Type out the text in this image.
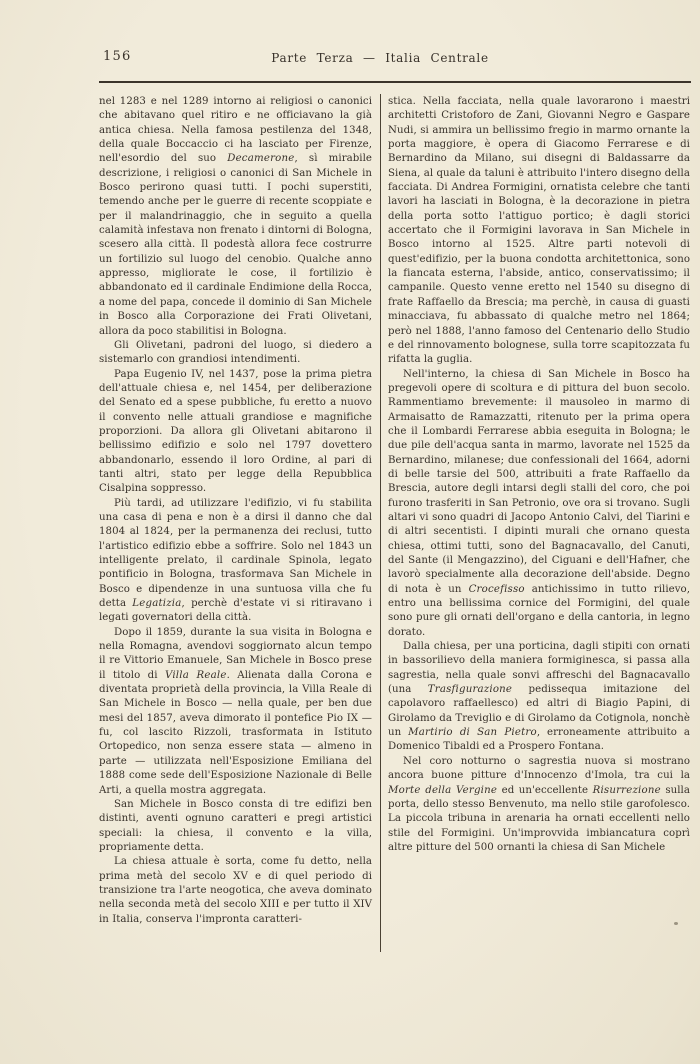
156	Parte Terza — Italia Centrale

nel 1283 e nel 1289 intorno ai religiosi o canonici che abitavano quel ritiro e ne officiavano la già antica chiesa. Nella famosa pestilenza del 1348, della quale Boccaccio ci ha lasciato per Firenze, nell'esordio del suo Decamerone, sì mirabile descrizione, i religiosi o canonici di San Michele in Bosco perirono quasi tutti. I pochi superstiti, temendo anche per le guerre di recente scoppiate e per il malandrinaggio, che in seguito a quella calamità infestava non frenato i dintorni di Bologna, scesero alla città. Il podestà allora fece costrurre un fortilizio sul luogo del cenobio. Qualche anno appresso, migliorate le cose, il fortilizio è abbandonato ed il cardinale Endimione della Rocca, a nome del papa, concede il dominio di San Michele in Bosco alla Corporazione dei Frati Olivetani, allora da poco stabilitisi in Bologna.

Gli Olivetani, padroni del luogo, si diedero a sistemarlo con grandiosi intendimenti.

Papa Eugenio IV, nel 1437, pose la prima pietra dell'attuale chiesa e, nel 1454, per deliberazione del Senato ed a spese pubbliche, fu eretto a nuovo il convento nelle attuali grandiose e magnifiche proporzioni. Da allora gli Olivetani abitarono il bellissimo edifizio e solo nel 1797 dovettero abbandonarlo, essendo il loro Ordine, al pari di tanti altri, stato per legge della Repubblica Cisalpina soppresso.

Più tardi, ad utilizzare l'edifizio, vi fu stabilita una casa di pena e non è a dirsi il danno che dal 1804 al 1824, per la permanenza dei reclusi, tutto l'artistico edifizio ebbe a soffrire. Solo nel 1843 un intelligente prelato, il cardinale Spinola, legato pontificio in Bologna, trasformava San Michele in Bosco e dipendenze in una suntuosa villa che fu detta Legatizia, perchè d'estate vi si ritiravano i legati governatori della città.

Dopo il 1859, durante la sua visita in Bologna e nella Romagna, avendovi soggiornato alcun tempo il re Vittorio Emanuele, San Michele in Bosco prese il titolo di Villa Reale. Alienata dalla Corona e diventata proprietà della provincia, la Villa Reale di San Michele in Bosco — nella quale, per ben due mesi del 1857, aveva dimorato il pontefice Pio IX — fu, col lascito Rizzoli, trasformata in Istituto Ortopedico, non senza essere stata — almeno in parte — utilizzata nell'Esposizione Emiliana del 1888 come sede dell'Esposizione Nazionale di Belle Arti, a quella mostra aggregata.

San Michele in Bosco consta di tre edifizi ben distinti, aventi ognuno caratteri e pregi artistici speciali: la chiesa, il convento e la villa, propriamente detta.

La chiesa attuale è sorta, come fu detto, nella prima metà del secolo XV e di quel periodo di transizione tra l'arte neogotica, che aveva dominato nella seconda metà del secolo XIII e per tutto il XIV in Italia, conserva l'impronta caratteri-

stica. Nella facciata, nella quale lavorarono i maestri architetti Cristoforo de Zani, Giovanni Negro e Gaspare Nudi, si ammira un bellissimo fregio in marmo ornante la porta maggiore, è opera di Giacomo Ferrarese e di Bernardino da Milano, sui disegni di Baldassarre da Siena, al quale da taluni è attribuito l'intero disegno della facciata. Di Andrea Formigini, ornatista celebre che tanti lavori ha lasciati in Bologna, è la decorazione in pietra della porta sotto l'attiguo portico; è dagli storici accertato che il Formigini lavorava in San Michele in Bosco intorno al 1525. Altre parti notevoli di quest'edifizio, per la buona condotta architettonica, sono la fiancata esterna, l'abside, antico, conservatissimo; il campanile. Questo venne eretto nel 1540 su disegno di frate Raffaello da Brescia; ma perchè, in causa di guasti minacciava, fu abbassato di qualche metro nel 1864; però nel 1888, l'anno famoso del Centenario dello Studio e del rinnovamento bolognese, sulla torre scapitozzata fu rifatta la guglia.

Nell'interno, la chiesa di San Michele in Bosco ha pregevoli opere di scoltura e di pittura del buon secolo. Rammentiamo brevemente: il mausoleo in marmo di Armaisatto de Ramazzatti, ritenuto per la prima opera che il Lombardi Ferrarese abbia eseguita in Bologna; le due pile dell'acqua santa in marmo, lavorate nel 1525 da Bernardino, milanese; due confessionali del 1664, adorni di belle tarsie del 500, attribuiti a frate Raffaello da Brescia, autore degli intarsi degli stalli del coro, che poi furono trasferiti in San Petronio, ove ora si trovano. Sugli altari vi sono quadri di Jacopo Antonio Calvi, del Tiarini e di altri secentisti. I dipinti murali che ornano questa chiesa, ottimi tutti, sono del Bagnacavallo, del Canuti, del Sante (il Mengazzino), del Ciguani e dell'Hafner, che lavorò specialmente alla decorazione dell'abside. Degno di nota è un Crocefisso antichissimo in tutto rilievo, entro una bellissima cornice del Formigini, del quale sono pure gli ornati dell'organo e della cantoria, in legno dorato.

Dalla chiesa, per una porticina, dagli stipiti con ornati in bassorilievo della maniera formiginesca, si passa alla sagrestia, nella quale sonvi affreschi del Bagnacavallo (una Trasfigurazione pedissequa imitazione del capolavoro raffaellesco) ed altri di Biagio Papini, di Girolamo da Treviglio e di Girolamo da Cotignola, nonchè un Martirio di San Pietro, erroneamente attribuito a Domenico Tibaldi ed a Prospero Fontana.

Nel coro notturno o sagrestia nuova si mostrano ancora buone pitture d'Innocenzo d'Imola, tra cui la Morte della Vergine ed un'eccellente Risurrezione sulla porta, dello stesso Benvenuto, ma nello stile garofolesco. La piccola tribuna in arenaria ha ornati eccellenti nello stile del Formigini. Un'improvvida imbiancatura coprì altre pitture del 500 ornanti la chiesa di San Michele
